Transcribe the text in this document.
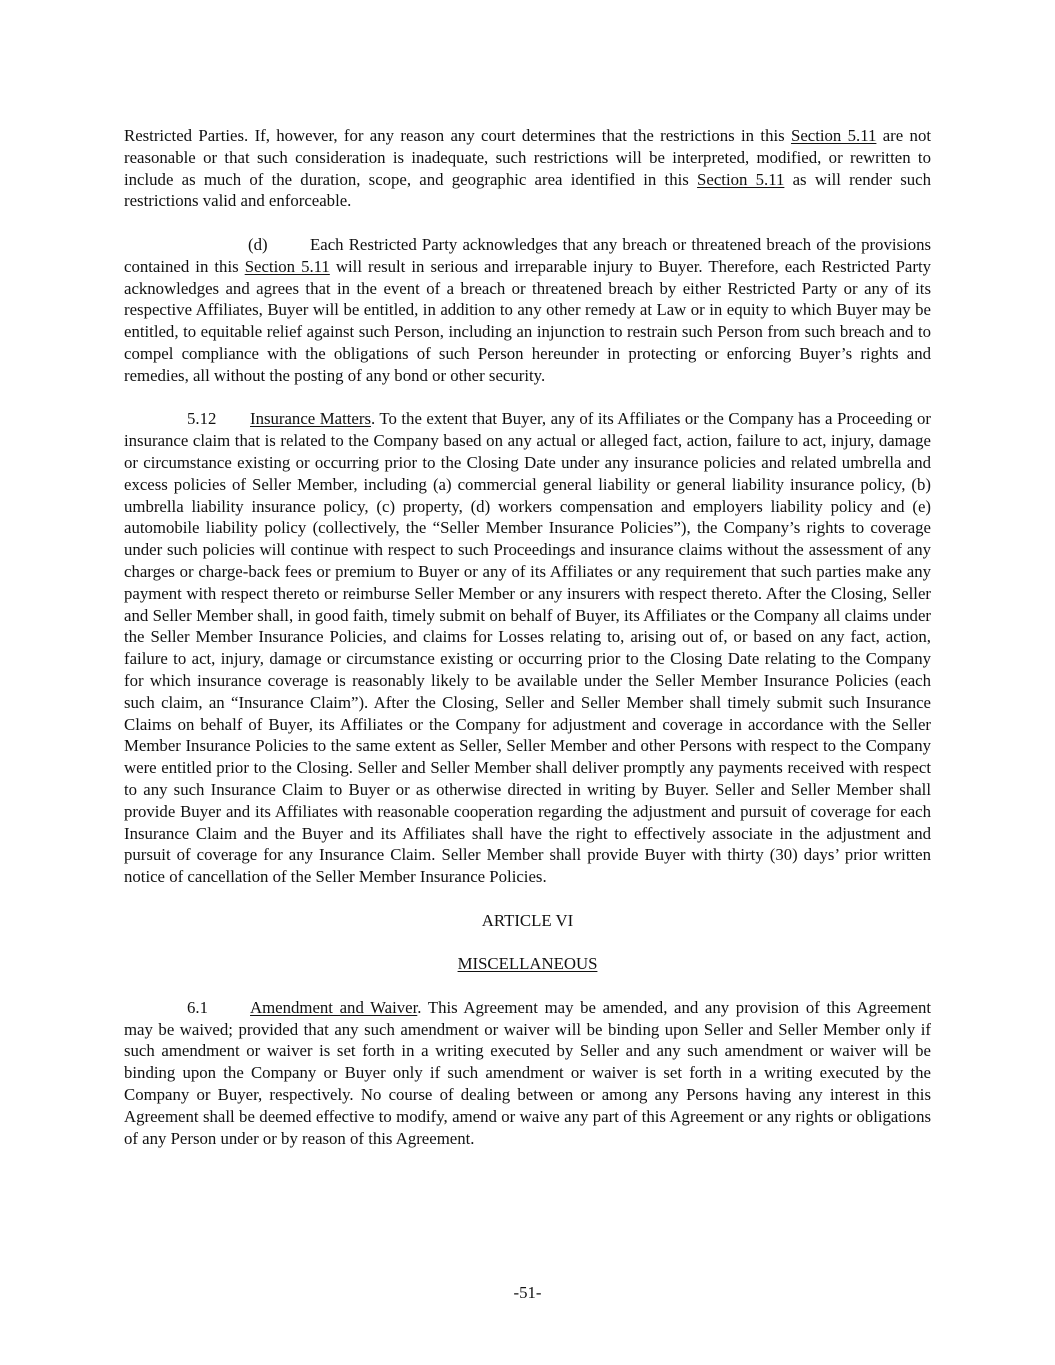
Restricted Parties. If, however, for any reason any court determines that the restrictions in this Section 5.11 are not reasonable or that such consideration is inadequate, such restrictions will be interpreted, modified, or rewritten to include as much of the duration, scope, and geographic area identified in this Section 5.11 as will render such restrictions valid and enforceable.

(d)	Each Restricted Party acknowledges that any breach or threatened breach of the provisions contained in this Section 5.11 will result in serious and irreparable injury to Buyer. Therefore, each Restricted Party acknowledges and agrees that in the event of a breach or threatened breach by either Restricted Party or any of its respective Affiliates, Buyer will be entitled, in addition to any other remedy at Law or in equity to which Buyer may be entitled, to equitable relief against such Person, including an injunction to restrain such Person from such breach and to compel compliance with the obligations of such Person hereunder in protecting or enforcing Buyer’s rights and remedies, all without the posting of any bond or other security.

5.12 Insurance Matters. To the extent that Buyer, any of its Affiliates or the Company has a Proceeding or insurance claim that is related to the Company based on any actual or alleged fact, action, failure to act, injury, damage or circumstance existing or occurring prior to the Closing Date under any insurance policies and related umbrella and excess policies of Seller Member, including (a) commercial general liability or general liability insurance policy, (b) umbrella liability insurance policy, (c) property, (d) workers compensation and employers liability policy and (e) automobile liability policy (collectively, the “Seller Member Insurance Policies”), the Company’s rights to coverage under such policies will continue with respect to such Proceedings and insurance claims without the assessment of any charges or charge-back fees or premium to Buyer or any of its Affiliates or any requirement that such parties make any payment with respect thereto or reimburse Seller Member or any insurers with respect thereto. After the Closing, Seller and Seller Member shall, in good faith, timely submit on behalf of Buyer, its Affiliates or the Company all claims under the Seller Member Insurance Policies, and claims for Losses relating to, arising out of, or based on any fact, action, failure to act, injury, damage or circumstance existing or occurring prior to the Closing Date relating to the Company for which insurance coverage is reasonably likely to be available under the Seller Member Insurance Policies (each such claim, an “Insurance Claim”). After the Closing, Seller and Seller Member shall timely submit such Insurance Claims on behalf of Buyer, its Affiliates or the Company for adjustment and coverage in accordance with the Seller Member Insurance Policies to the same extent as Seller, Seller Member and other Persons with respect to the Company were entitled prior to the Closing. Seller and Seller Member shall deliver promptly any payments received with respect to any such Insurance Claim to Buyer or as otherwise directed in writing by Buyer. Seller and Seller Member shall provide Buyer and its Affiliates with reasonable cooperation regarding the adjustment and pursuit of coverage for each Insurance Claim and the Buyer and its Affiliates shall have the right to effectively associate in the adjustment and pursuit of coverage for any Insurance Claim. Seller Member shall provide Buyer with thirty (30) days’ prior written notice of cancellation of the Seller Member Insurance Policies.

ARTICLE VI

MISCELLANEOUS

6.1	Amendment and Waiver. This Agreement may be amended, and any provision of this Agreement may be waived; provided that any such amendment or waiver will be binding upon Seller and Seller Member only if such amendment or waiver is set forth in a writing executed by Seller and any such amendment or waiver will be binding upon the Company or Buyer only if such amendment or waiver is set forth in a writing executed by the Company or Buyer, respectively. No course of dealing between or among any Persons having any interest in this Agreement shall be deemed effective to modify, amend or waive any part of this Agreement or any rights or obligations of any Person under or by reason of this Agreement.

-51-
